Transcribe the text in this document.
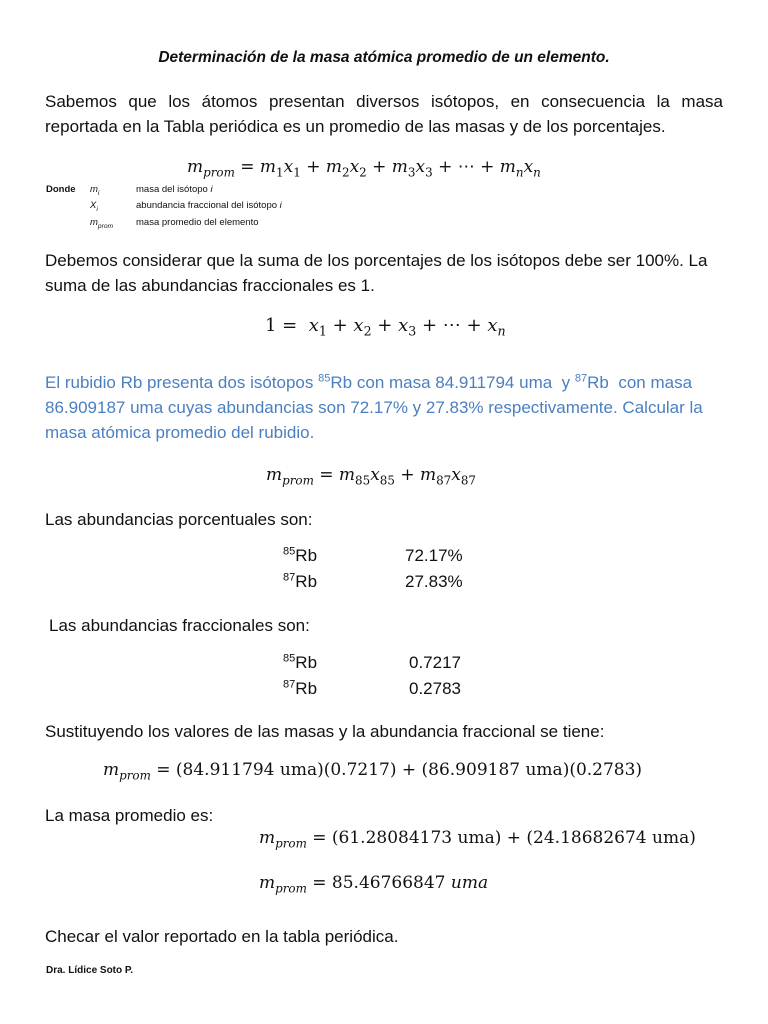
Determinación de la masa atómica promedio de un elemento.
Sabemos que los átomos presentan diversos isótopos, en consecuencia la masa reportada en la Tabla periódica es un promedio de las masas y de los porcentajes.
$m_{prom} = m_1x_1 + m_2x_2 + m_3x_3$ + ⋯ + $m_nx_n$
Donde $m_i$	masa del isótopo i
$X_i$	abundancia fraccional del isótopo i
$m_{prom}$ masa promedio del elemento
Debemos considerar que la suma de los porcentajes de los isótopos debe ser 100%. La suma de las abundancias fraccionales es 1.
$1 = x_1 + x_2 + x_3$ + ⋯ + $x_n$
El rubidio Rb presenta dos isótopos $^{85}$Rb con masa 84.911794 uma  y $^{87}$Rb  con masa 86.909187 uma cuyas abundancias son 72.17% y 27.83% respectivamente. Calcular la masa atómica promedio del rubidio.
$m_{prom} = m_{85}x_{85} + m_{87}x_{87}$
Las abundancias porcentuales son:
$^{85}$Rb	72.17%
$^{87}$Rb	27.83%
Las abundancias fraccionales son:
$^{85}$Rb	0.7217
$^{87}$Rb	0.2783
Sustituyendo los valores de las masas y la abundancia fraccional se tiene:
$m_{prom} = (84.911794$ uma)(0.7217) + (86.909187 uma)(0.2783)
La masa promedio es:
$m_{prom} = (61.28084173$ uma) + (24.18682674 uma)
$m_{prom} = 85.46766847$ uma
Checar el valor reportado en la tabla periódica.
Dra. Lídice Soto P.
